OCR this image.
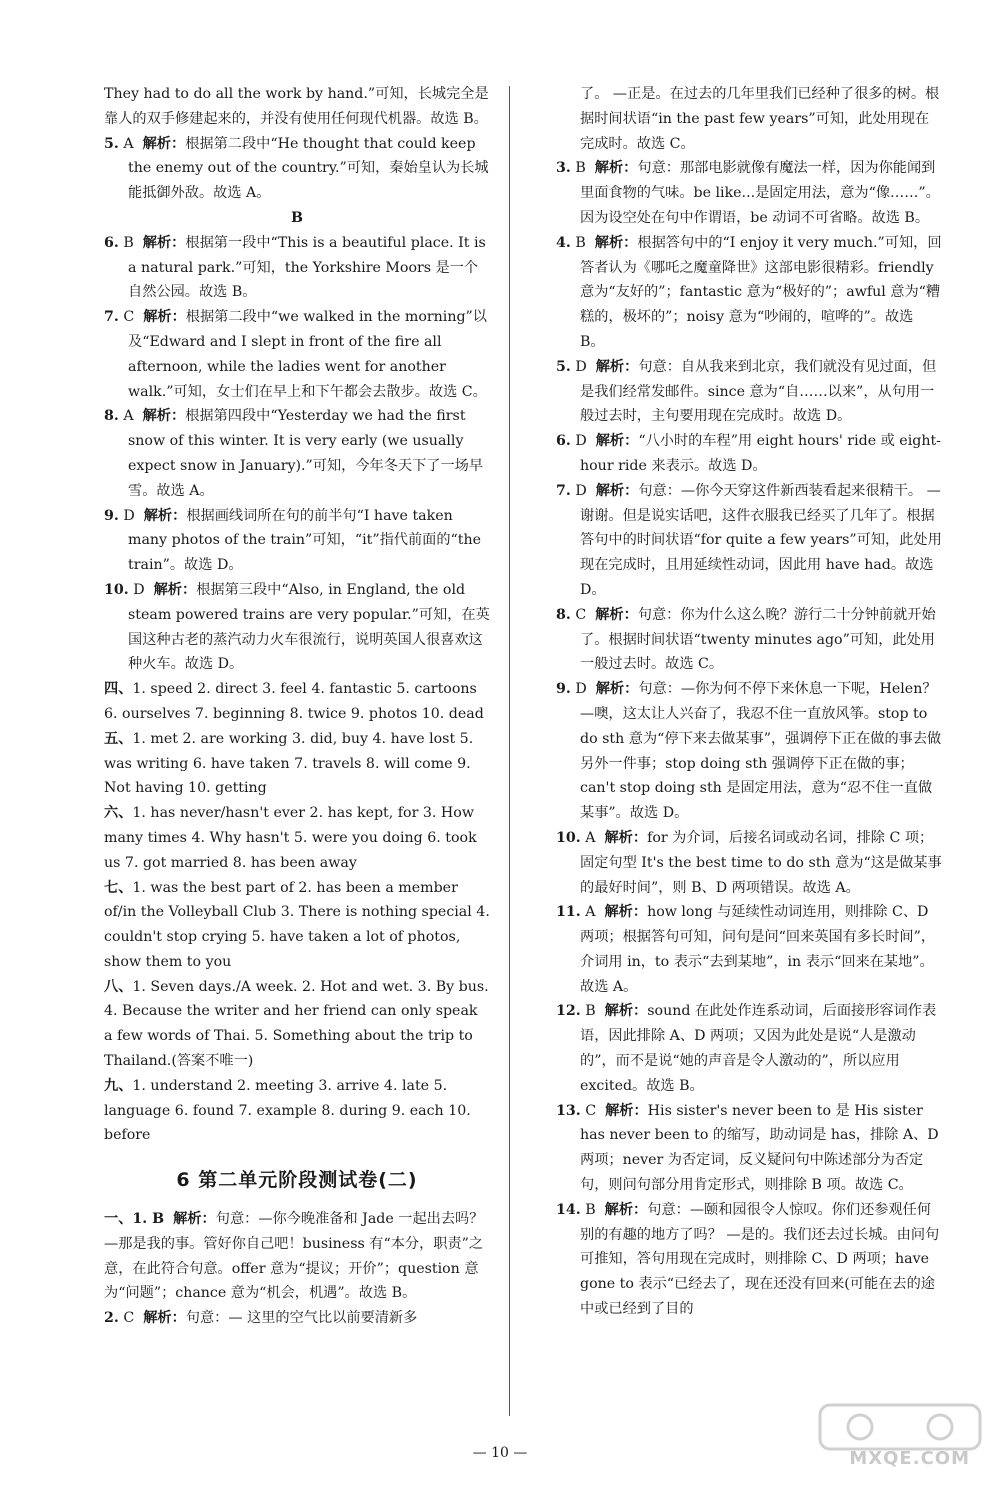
They had to do all the work by hand.”可知，长城完全是靠人的双手修建起来的，并没有使用任何现代机器。故选 B。

5. A 解析：根据第二段中“He thought that could keep the enemy out of the country.”可知，秦始皇认为长城能抵御外敌。故选 A。

B

6. B 解析：根据第一段中“This is a beautiful place. It is a natural park.”可知，the Yorkshire Moors 是一个自然公园。故选 B。

7. C 解析：根据第二段中“we walked in the morning”以及“Edward and I slept in front of the fire all afternoon, while the ladies went for another walk.”可知，女士们在早上和下午都会去散步。故选 C。

8. A 解析：根据第四段中“Yesterday we had the first snow of this winter. It is very early (we usually expect snow in January).”可知，今年冬天下了一场早雪。故选 A。

9. D 解析：根据画线词所在句的前半句“I have taken many photos of the train”可知，“it”指代前面的“the train”。故选 D。

10. D 解析：根据第三段中“Also, in England, the old steam powered trains are very popular.”可知，在英国这种古老的蒸汽动力火车很流行，说明英国人很喜欢这种火车。故选 D。

四、1. speed 2. direct 3. feel 4. fantastic 5. cartoons 6. ourselves 7. beginning 8. twice 9. photos 10. dead

五、1. met 2. are working 3. did, buy 4. have lost 5. was writing 6. have taken 7. travels 8. will come 9. Not having 10. getting

六、1. has never/hasn't ever 2. has kept, for 3. How many times 4. Why hasn't 5. were you doing 6. took us 7. got married 8. has been away

七、1. was the best part of 2. has been a member of/in the Volleyball Club 3. There is nothing special 4. couldn't stop crying 5. have taken a lot of photos, show them to you

八、1. Seven days./A week. 2. Hot and wet. 3. By bus. 4. Because the writer and her friend can only speak a few words of Thai. 5. Something about the trip to Thailand.(答案不唯一)

九、1. understand 2. meeting 3. arrive 4. late 5. language 6. found 7. example 8. during 9. each 10. before

6 第二单元阶段测试卷(二)

一、1. B 解析：句意：—你今晚准备和 Jade 一起出去吗？ —那是我的事。管好你自己吧！business 有“本分，职责”之意，在此符合句意。offer 意为“提议；开价”；question 意为“问题”；chance 意为“机会，机遇”。故选 B。

2. C 解析：句意：— 这里的空气比以前要清新多

了。 —正是。在过去的几年里我们已经种了很多的树。根据时间状语“in the past few years”可知，此处用现在完成时。故选 C。

3. B 解析：句意：那部电影就像有魔法一样，因为你能闻到里面食物的气味。be like...是固定用法，意为“像……”。因为设空处在句中作谓语，be 动词不可省略。故选 B。

4. B 解析：根据答句中的“I enjoy it very much.”可知，回答者认为《哪吒之魔童降世》这部电影很精彩。friendly 意为“友好的”；fantastic 意为“极好的”；awful 意为“糟糕的，极坏的”；noisy 意为“吵闹的，喧哗的”。故选 B。

5. D 解析：句意：自从我来到北京，我们就没有见过面，但是我们经常发邮件。since 意为“自……以来”，从句用一般过去时，主句要用现在完成时。故选 D。

6. D 解析：“八小时的车程”用 eight hours' ride 或 eight-hour ride 来表示。故选 D。

7. D 解析：句意：—你今天穿这件新西装看起来很精干。 —谢谢。但是说实话吧，这件衣服我已经买了几年了。根据答句中的时间状语“for quite a few years”可知，此处用现在完成时，且用延续性动词，因此用 have had。故选 D。

8. C 解析：句意：你为什么这么晚？游行二十分钟前就开始了。根据时间状语“twenty minutes ago”可知，此处用一般过去时。故选 C。

9. D 解析：句意：—你为何不停下来休息一下呢，Helen？ —噢，这太让人兴奋了，我忍不住一直放风筝。stop to do sth 意为“停下来去做某事”，强调停下正在做的事去做另外一件事；stop doing sth 强调停下正在做的事；can't stop doing sth 是固定用法，意为“忍不住一直做某事”。故选 D。

10. A 解析：for 为介词，后接名词或动名词，排除 C 项；固定句型 It's the best time to do sth 意为“这是做某事的最好时间”，则 B、D 两项错误。故选 A。

11. A 解析：how long 与延续性动词连用，则排除 C、D 两项；根据答句可知，问句是问“回来英国有多长时间”，介词用 in，to 表示“去到某地”，in 表示“回来在某地”。故选 A。

12. B 解析：sound 在此处作连系动词，后面接形容词作表语，因此排除 A、D 两项；又因为此处是说“人是激动的”，而不是说“她的声音是令人激动的”，所以应用 excited。故选 B。

13. C 解析：His sister's never been to 是 His sister has never been to 的缩写，助动词是 has，排除 A、D 两项；never 为否定词，反义疑问句中陈述部分为否定句，则问句部分用肯定形式，则排除 B 项。故选 C。

14. B 解析：句意：—颐和园很令人惊叹。你们还参观任何别的有趣的地方了吗？ —是的。我们还去过长城。由问句可推知，答句用现在完成时，则排除 C、D 两项；have gone to 表示“已经去了，现在还没有回来(可能在去的途中或已经到了目的

— 10 —	MXQE.COM
